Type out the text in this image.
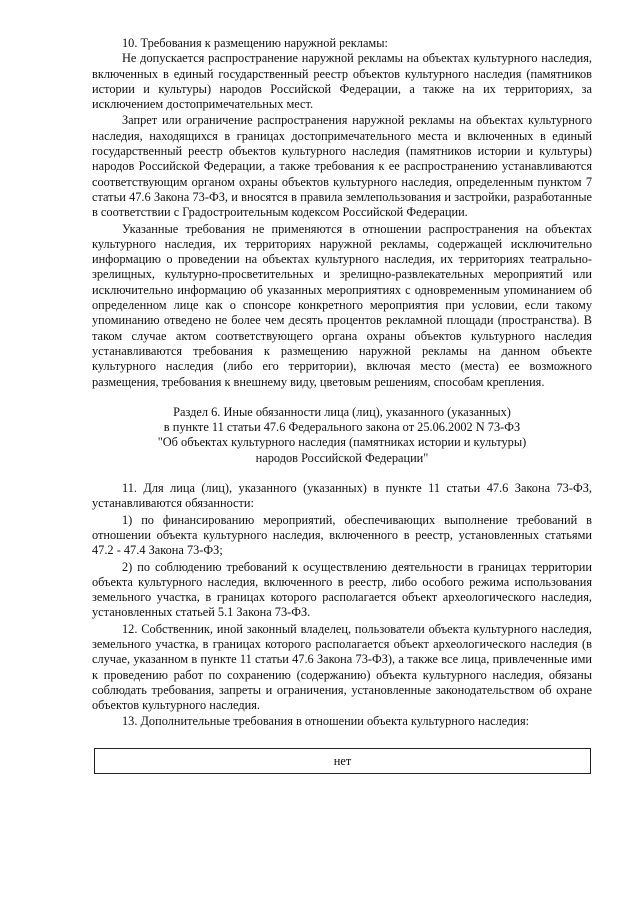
10. Требования к размещению наружной рекламы:

Не допускается распространение наружной рекламы на объектах культурного наследия, включенных в единый государственный реестр объектов культурного наследия (памятников истории и культуры) народов Российской Федерации, а также на их территориях, за исключением достопримечательных мест.

Запрет или ограничение распространения наружной рекламы на объектах культурного наследия, находящихся в границах достопримечательного места и включенных в единый государственный реестр объектов культурного наследия (памятников истории и культуры) народов Российской Федерации, а также требования к ее распространению устанавливаются соответствующим органом охраны объектов культурного наследия, определенным пунктом 7 статьи 47.6 Закона 73-ФЗ, и вносятся в правила землепользования и застройки, разработанные в соответствии с Градостроительным кодексом Российской Федерации.

Указанные требования не применяются в отношении распространения на объектах культурного наследия, их территориях наружной рекламы, содержащей исключительно информацию о проведении на объектах культурного наследия, их территориях театрально-зрелищных, культурно-просветительных и зрелищно-развлекательных мероприятий или исключительно информацию об указанных мероприятиях с одновременным упоминанием об определенном лице как о спонсоре конкретного мероприятия при условии, если такому упоминанию отведено не более чем десять процентов рекламной площади (пространства). В таком случае актом соответствующего органа охраны объектов культурного наследия устанавливаются требования к размещению наружной рекламы на данном объекте культурного наследия (либо его территории), включая место (места) ее возможного размещения, требования к внешнему виду, цветовым решениям, способам крепления.

Раздел 6. Иные обязанности лица (лиц), указанного (указанных)
в пункте 11 статьи 47.6 Федерального закона от 25.06.2002 N 73-ФЗ
"Об объектах культурного наследия (памятниках истории и культуры)
народов Российской Федерации"

11. Для лица (лиц), указанного (указанных) в пункте 11 статьи 47.6 Закона 73-ФЗ, устанавливаются обязанности:

1) по финансированию мероприятий, обеспечивающих выполнение требований в отношении объекта культурного наследия, включенного в реестр, установленных статьями 47.2 - 47.4 Закона 73-ФЗ;

2) по соблюдению требований к осуществлению деятельности в границах территории объекта культурного наследия, включенного в реестр, либо особого режима использования земельного участка, в границах которого располагается объект археологического наследия, установленных статьей 5.1 Закона 73-ФЗ.

12. Собственник, иной законный владелец, пользователи объекта культурного наследия, земельного участка, в границах которого располагается объект археологического наследия (в случае, указанном в пункте 11 статьи 47.6 Закона 73-ФЗ), а также все лица, привлеченные ими к проведению работ по сохранению (содержанию) объекта культурного наследия, обязаны соблюдать требования, запреты и ограничения, установленные законодательством об охране объектов культурного наследия.

13. Дополнительные требования в отношении объекта культурного наследия:

нет
